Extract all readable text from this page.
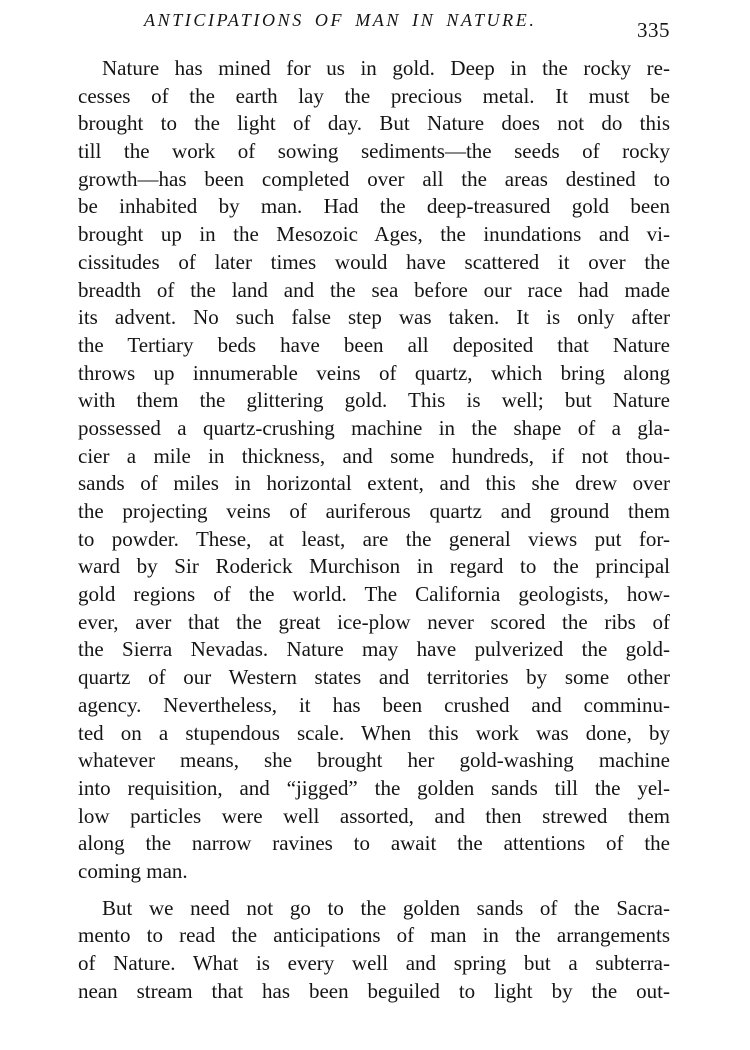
ANTICIPATIONS OF MAN IN NATURE.	335
Nature has mined for us in gold. Deep in the rocky re-
cesses of the earth lay the precious metal. It must be
brought to the light of day. But Nature does not do this
till the work of sowing sediments—the seeds of rocky
growth—has been completed over all the areas destined to
be inhabited by man. Had the deep-treasured gold been
brought up in the Mesozoic Ages, the inundations and vi-
cissitudes of later times would have scattered it over the
breadth of the land and the sea before our race had made
its advent. No such false step was taken. It is only after
the Tertiary beds have been all deposited that Nature
throws up innumerable veins of quartz, which bring along
with them the glittering gold. This is well; but Nature
possessed a quartz-crushing machine in the shape of a gla-
cier a mile in thickness, and some hundreds, if not thou-
sands of miles in horizontal extent, and this she drew over
the projecting veins of auriferous quartz and ground them
to powder. These, at least, are the general views put for-
ward by Sir Roderick Murchison in regard to the principal
gold regions of the world. The California geologists, how-
ever, aver that the great ice-plow never scored the ribs of
the Sierra Nevadas. Nature may have pulverized the gold-
quartz of our Western states and territories by some other
agency. Nevertheless, it has been crushed and comminu-
ted on a stupendous scale. When this work was done, by
whatever means, she brought her gold-washing machine
into requisition, and “jigged” the golden sands till the yel-
low particles were well assorted, and then strewed them
along the narrow ravines to await the attentions of the
coming man.
But we need not go to the golden sands of the Sacra-
mento to read the anticipations of man in the arrangements
of Nature. What is every well and spring but a subterra-
nean stream that has been beguiled to light by the out-
